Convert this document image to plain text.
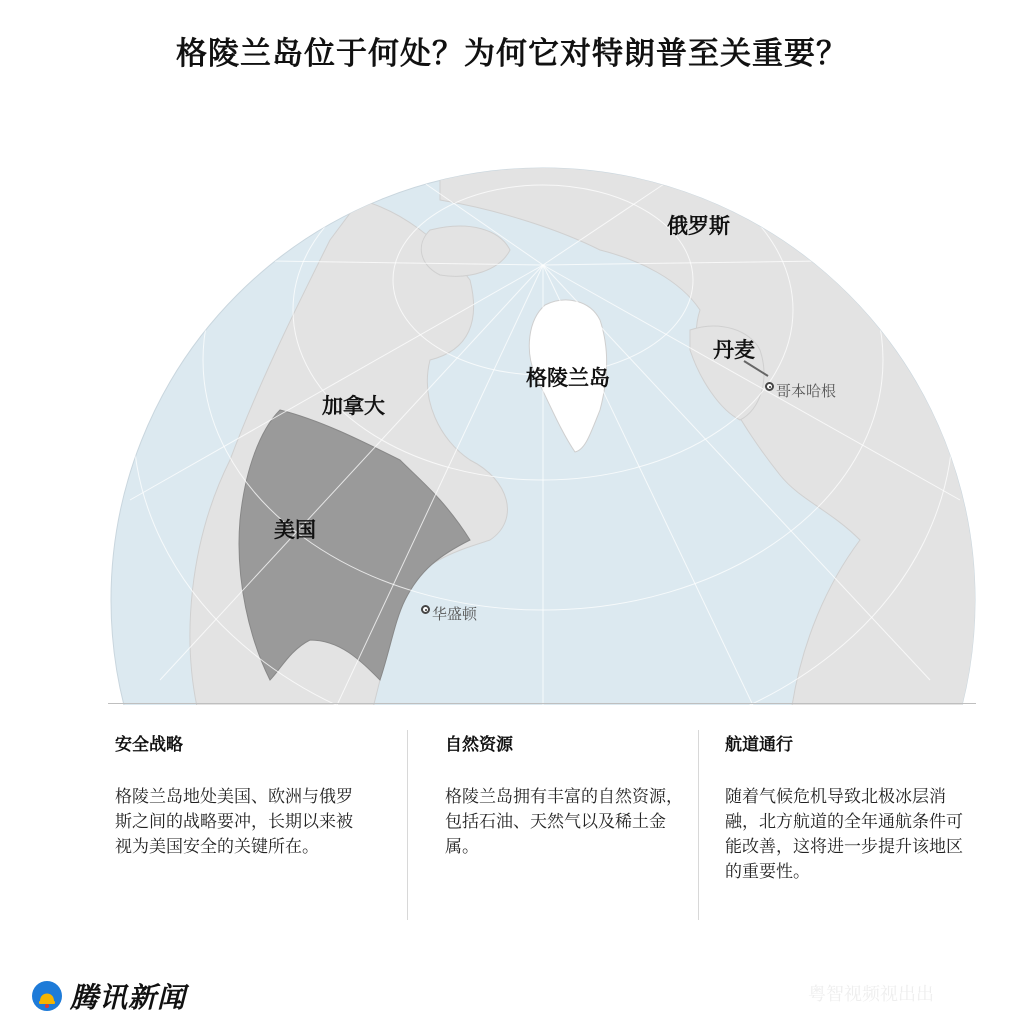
格陵兰岛位于何处？为何它对特朗普至关重要？
俄罗斯
丹麦
格陵兰岛
加拿大
美国
哥本哈根
华盛顿
安全战略
格陵兰岛地处美国、欧洲与俄罗斯之间的战略要冲，长期以来被视为美国安全的关键所在。
自然资源
格陵兰岛拥有丰富的自然资源，包括石油、天然气以及稀土金属。
航道通行
随着气候危机导致北极冰层消融，北方航道的全年通航条件可能改善，这将进一步提升该地区的重要性。
腾讯新闻	粤智视频视出出
